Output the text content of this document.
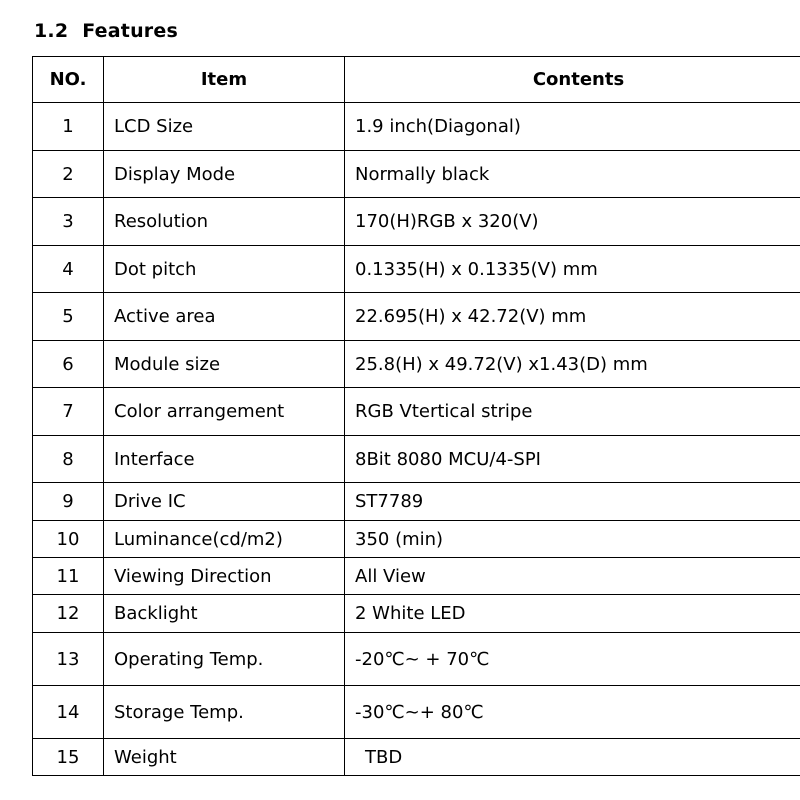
1.2 Features
NO.	Item	Contents
1	LCD Size	1.9 inch(Diagonal)
2	Display Mode	Normally black
3	Resolution	170(H)RGB x 320(V)
4	Dot pitch	0.1335(H) x 0.1335(V) mm
5	Active area	22.695(H) x 42.72(V) mm
6	Module size	25.8(H) x 49.72(V) x1.43(D) mm
7	Color arrangement	RGB Vtertical stripe
8	Interface	8Bit 8080 MCU/4-SPI
9	Drive IC	ST7789
10	Luminance(cd/m2)	350 (min)
11	Viewing Direction	All View
12	Backlight	2 White LED
13	Operating Temp.	-20℃~ + 70℃
14	Storage Temp.	-30℃~+ 80℃
15	Weight	TBD
